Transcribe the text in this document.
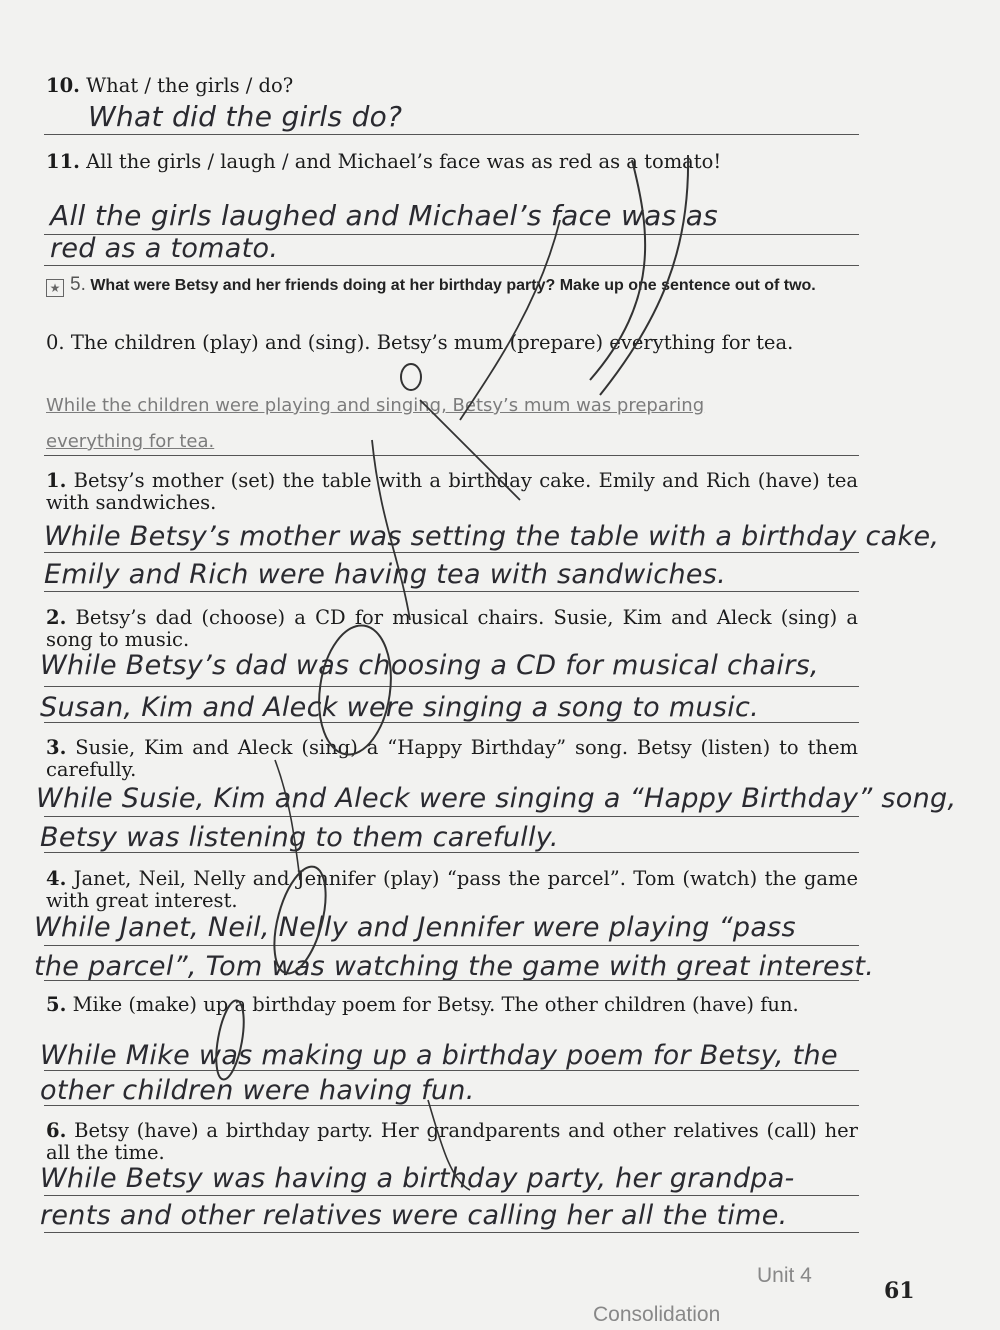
10. What / the girls / do?
What did the girls do?
11. All the girls / laugh / and Michael’s face was as red as a tomato!
All the girls laughed and Michael’s face was as
red as a tomato.
★ 5. What were Betsy and her friends doing at her birthday party? Make up one sentence out of two.
0. The children (play) and (sing). Betsy’s mum (prepare) everything for tea.
While the children were playing and singing, Betsy’s mum was preparing
everything for tea.
1. Betsy’s mother (set) the table with a birthday cake. Emily and Rich (have) tea with sandwiches.
While Betsy’s mother was setting the table with a birthday cake,
Emily and Rich were having tea with sandwiches.
2. Betsy’s dad (choose) a CD for musical chairs. Susie, Kim and Aleck (sing) a song to music.
While Betsy’s dad was choosing a CD for musical chairs,
Susan, Kim and Aleck were singing a song to music.
3. Susie, Kim and Aleck (sing) a “Happy Birthday” song. Betsy (listen) to them carefully.
While Susie, Kim and Aleck were singing a “Happy Birthday” song,
Betsy was listening to them carefully.
4. Janet, Neil, Nelly and Jennifer (play) “pass the parcel”. Tom (watch) the game with great interest.
While Janet, Neil, Nelly and Jennifer were playing “pass
the parcel”, Tom was watching the game with great interest.
5. Mike (make) up a birthday poem for Betsy. The other children (have) fun.
While Mike was making up a birthday poem for Betsy, the
other children were having fun.
6. Betsy (have) a birthday party. Her grandparents and other relatives (call) her all the time.
While Betsy was having a birthday party, her grandpa-
rents and other relatives were calling her all the time.
Unit 4
Consolidation
61
